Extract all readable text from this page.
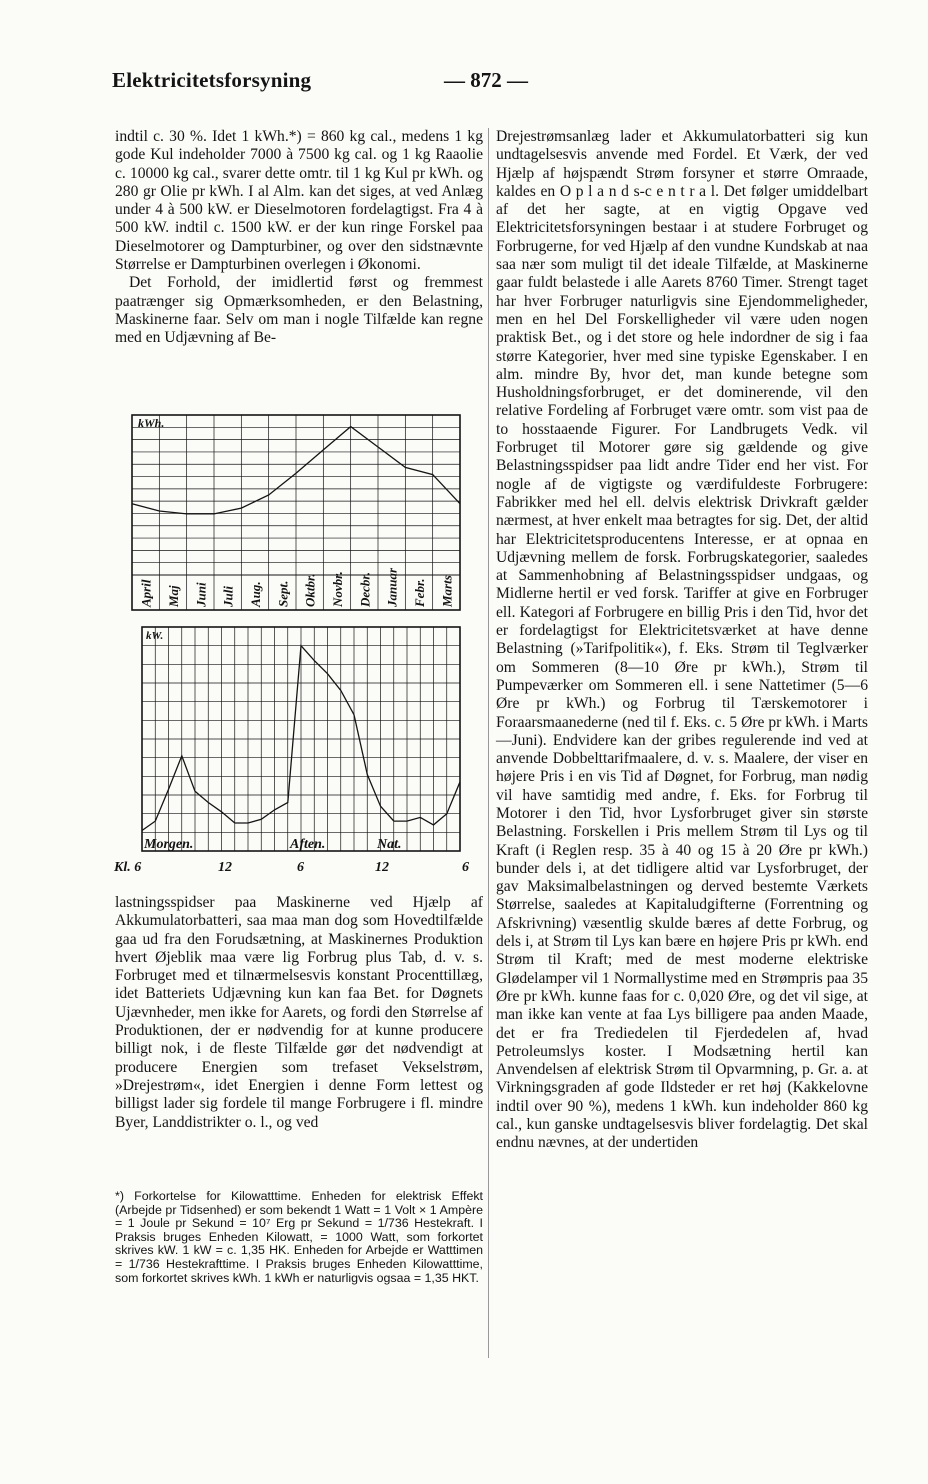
Elektricitetsforsyning	— 872 —

indtil c. 30 %. Idet 1 kWh.*) = 860 kg cal., medens 1 kg gode Kul indeholder 7000 à 7500 kg cal. og 1 kg Raaolie c. 10000 kg cal., svarer dette omtr. til 1 kg Kul pr kWh. og 280 gr Olie pr kWh. I al Alm. kan det siges, at ved Anlæg under 4 à 500 kW. er Dieselmotoren fordelagtigst. Fra 4 à 500 kW. indtil c. 1500 kW. er der kun ringe Forskel paa Dieselmotorer og Dampturbiner, og over den sidstnævnte Størrelse er Dampturbinen overlegen i Økonomi.

Det Forhold, der imidlertid først og fremmest paatrænger sig Opmærksomheden, er den Belastning, Maskinerne faar. Selv om man i nogle Tilfælde kan regne med en Udjævning af Be-

kWh.
April Maj Juni Juli Aug. Sept. Oktbr. Novbr. Decbr. Januar Febr. Marts
kW.
Morgen.	Aften.	Nat.
Kl. 6	12	6	12	6

lastningsspidser paa Maskinerne ved Hjælp af Akkumulatorbatteri, saa maa man dog som Hovedtilfælde gaa ud fra den Forudsætning, at Maskinernes Produktion hvert Øjeblik maa være lig Forbrug plus Tab, d. v. s. Forbruget med et tilnærmelsesvis konstant Procenttillæg, idet Batteriets Udjævning kun kan faa Bet. for Døgnets Ujævnheder, men ikke for Aarets, og fordi den Størrelse af Produktionen, der er nødvendig for at kunne producere billigt nok, i de fleste Tilfælde gør det nødvendigt at producere Energien som trefaset Vekselstrøm, »Drejestrøm«, idet Energien i denne Form lettest og billigst lader sig fordele til mange Forbrugere i fl. mindre Byer, Landdistrikter o. l., og ved

*) Forkortelse for Kilowatttime. Enheden for elektrisk Effekt (Arbejde pr Tidsenhed) er som bekendt 1 Watt = 1 Volt × 1 Ampère = 1 Joule pr Sekund = 10⁷ Erg pr Sekund = 1/736 Hestekraft. I Praksis bruges Enheden Kilowatt, = 1000 Watt, som forkortet skrives kW. 1 kW = c. 1,35 HK. Enheden for Arbejde er Watttimen = 1/736 Hestekrafttime. I Praksis bruges Enheden Kilowatttime, som forkortet skrives kWh. 1 kWh er naturligvis ogsaa = 1,35 HKT.

Drejestrømsanlæg lader et Akkumulatorbatteri sig kun undtagelsesvis anvende med Fordel. Et Værk, der ved Hjælp af højspændt Strøm forsyner et større Omraade, kaldes en O p l a n d s-c e n t r a l. Det følger umiddelbart af det her sagte, at en vigtig Opgave ved Elektricitetsforsyningen bestaar i at studere Forbruget og Forbrugerne, for ved Hjælp af den vundne Kundskab at naa saa nær som muligt til det ideale Tilfælde, at Maskinerne gaar fuldt belastede i alle Aarets 8760 Timer. Strengt taget har hver Forbruger naturligvis sine Ejendommeligheder, men en hel Del Forskelligheder vil være uden nogen praktisk Bet., og i det store og hele indordner de sig i faa større Kategorier, hver med sine typiske Egenskaber. I en alm. mindre By, hvor det, man kunde betegne som Husholdningsforbruget, er det dominerende, vil den relative Fordeling af Forbruget være omtr. som vist paa de to hosstaaende Figurer. For Landbrugets Vedk. vil Forbruget til Motorer gøre sig gældende og give Belastningsspidser paa lidt andre Tider end her vist. For nogle af de vigtigste og værdifuldeste Forbrugere: Fabrikker med hel ell. delvis elektrisk Drivkraft gælder nærmest, at hver enkelt maa betragtes for sig. Det, der altid har Elektricitetsproducentens Interesse, er at opnaa en Udjævning mellem de forsk. Forbrugskategorier, saaledes at Sammenhobning af Belastningsspidser undgaas, og Midlerne hertil er ved forsk. Tariffer at give en Forbruger ell. Kategori af Forbrugere en billig Pris i den Tid, hvor det er fordelagtigst for Elektricitetsværket at have denne Belastning (»Tarifpolitik«), f. Eks. Strøm til Teglværker om Sommeren (8—10 Øre pr kWh.), Strøm til Pumpeværker om Sommeren ell. i sene Nattetimer (5—6 Øre pr kWh.) og Forbrug til Tærskemotorer i Foraarsmaanederne (ned til f. Eks. c. 5 Øre pr kWh. i Marts—Juni). Endvidere kan der gribes regulerende ind ved at anvende Dobbelttarifmaalere, d. v. s. Maalere, der viser en højere Pris i en vis Tid af Døgnet, for Forbrug, man nødig vil have samtidig med andre, f. Eks. for Forbrug til Motorer i den Tid, hvor Lysforbruget giver sin største Belastning. Forskellen i Pris mellem Strøm til Lys og til Kraft (i Reglen resp. 35 à 40 og 15 à 20 Øre pr kWh.) bunder dels i, at det tidligere altid var Lysforbruget, der gav Maksimalbelastningen og derved bestemte Værkets Størrelse, saaledes at Kapitaludgifterne (Forrentning og Afskrivning) væsentlig skulde bæres af dette Forbrug, og dels i, at Strøm til Lys kan bære en højere Pris pr kWh. end Strøm til Kraft; med de mest moderne elektriske Glødelamper vil 1 Normallystime med en Strømpris paa 35 Øre pr kWh. kunne faas for c. 0,020 Øre, og det vil sige, at man ikke kan vente at faa Lys billigere paa anden Maade, det er fra Trediedelen til Fjerdedelen af, hvad Petroleumslys koster. I Modsætning hertil kan Anvendelsen af elektrisk Strøm til Opvarmning, p. Gr. a. at Virkningsgraden af gode Ildsteder er ret høj (Kakkelovne indtil over 90 %), medens 1 kWh. kun indeholder 860 kg cal., kun ganske undtagelsesvis bliver fordelagtig. Det skal endnu nævnes, at der undertiden
